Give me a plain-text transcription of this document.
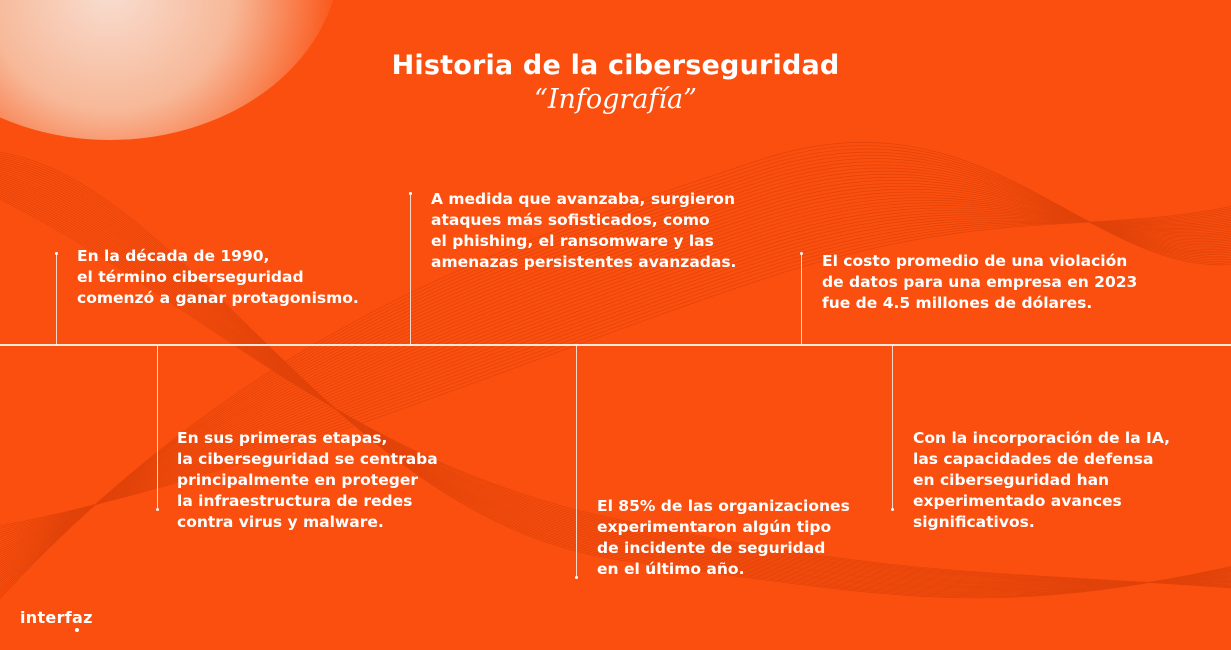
Historia de la ciberseguridad
“Infografía”
En la década de 1990,
el término ciberseguridad
comenzó a ganar protagonismo.
En sus primeras etapas,
la ciberseguridad se centraba
principalmente en proteger
la infraestructura de redes
contra virus y malware.
A medida que avanzaba, surgieron
ataques más sofisticados, como
el phishing, el ransomware y las
amenazas persistentes avanzadas.
El 85% de las organizaciones
experimentaron algún tipo
de incidente de seguridad
en el último año.
El costo promedio de una violación
de datos para una empresa en 2023
fue de 4.5 millones de dólares.
Con la incorporación de la IA,
las capacidades de defensa
en ciberseguridad han
experimentado avances
significativos.
interfaz
